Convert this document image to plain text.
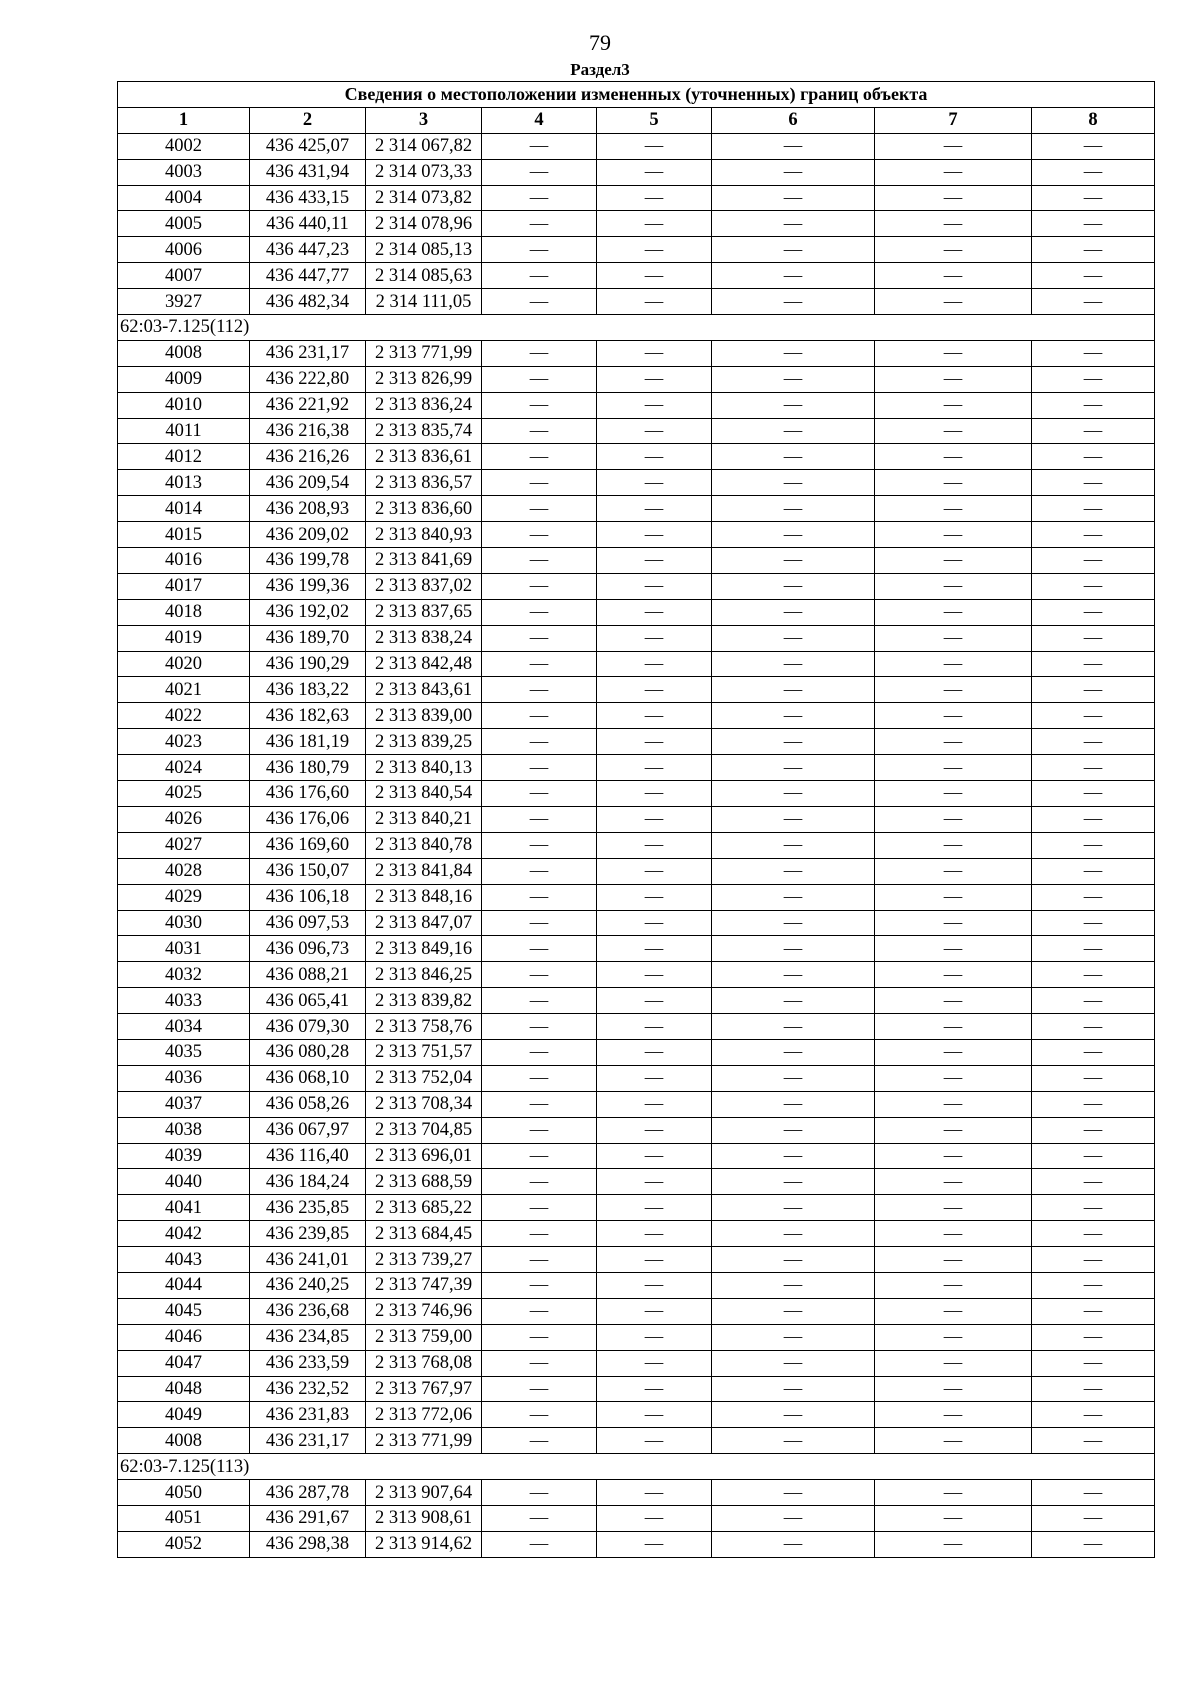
79
Раздел3
Сведения о местоположении измененных (уточненных) границ объекта							
1	2	3	4	5	6	7	8
4002	436 425,07	2 314 067,82	—	—	—	—	—
4003	436 431,94	2 314 073,33	—	—	—	—	—
4004	436 433,15	2 314 073,82	—	—	—	—	—
4005	436 440,11	2 314 078,96	—	—	—	—	—
4006	436 447,23	2 314 085,13	—	—	—	—	—
4007	436 447,77	2 314 085,63	—	—	—	—	—
3927	436 482,34	2 314 111,05	—	—	—	—	—
62:03-7.125(112)							
4008	436 231,17	2 313 771,99	—	—	—	—	—
4009	436 222,80	2 313 826,99	—	—	—	—	—
4010	436 221,92	2 313 836,24	—	—	—	—	—
4011	436 216,38	2 313 835,74	—	—	—	—	—
4012	436 216,26	2 313 836,61	—	—	—	—	—
4013	436 209,54	2 313 836,57	—	—	—	—	—
4014	436 208,93	2 313 836,60	—	—	—	—	—
4015	436 209,02	2 313 840,93	—	—	—	—	—
4016	436 199,78	2 313 841,69	—	—	—	—	—
4017	436 199,36	2 313 837,02	—	—	—	—	—
4018	436 192,02	2 313 837,65	—	—	—	—	—
4019	436 189,70	2 313 838,24	—	—	—	—	—
4020	436 190,29	2 313 842,48	—	—	—	—	—
4021	436 183,22	2 313 843,61	—	—	—	—	—
4022	436 182,63	2 313 839,00	—	—	—	—	—
4023	436 181,19	2 313 839,25	—	—	—	—	—
4024	436 180,79	2 313 840,13	—	—	—	—	—
4025	436 176,60	2 313 840,54	—	—	—	—	—
4026	436 176,06	2 313 840,21	—	—	—	—	—
4027	436 169,60	2 313 840,78	—	—	—	—	—
4028	436 150,07	2 313 841,84	—	—	—	—	—
4029	436 106,18	2 313 848,16	—	—	—	—	—
4030	436 097,53	2 313 847,07	—	—	—	—	—
4031	436 096,73	2 313 849,16	—	—	—	—	—
4032	436 088,21	2 313 846,25	—	—	—	—	—
4033	436 065,41	2 313 839,82	—	—	—	—	—
4034	436 079,30	2 313 758,76	—	—	—	—	—
4035	436 080,28	2 313 751,57	—	—	—	—	—
4036	436 068,10	2 313 752,04	—	—	—	—	—
4037	436 058,26	2 313 708,34	—	—	—	—	—
4038	436 067,97	2 313 704,85	—	—	—	—	—
4039	436 116,40	2 313 696,01	—	—	—	—	—
4040	436 184,24	2 313 688,59	—	—	—	—	—
4041	436 235,85	2 313 685,22	—	—	—	—	—
4042	436 239,85	2 313 684,45	—	—	—	—	—
4043	436 241,01	2 313 739,27	—	—	—	—	—
4044	436 240,25	2 313 747,39	—	—	—	—	—
4045	436 236,68	2 313 746,96	—	—	—	—	—
4046	436 234,85	2 313 759,00	—	—	—	—	—
4047	436 233,59	2 313 768,08	—	—	—	—	—
4048	436 232,52	2 313 767,97	—	—	—	—	—
4049	436 231,83	2 313 772,06	—	—	—	—	—
4008	436 231,17	2 313 771,99	—	—	—	—	—
62:03-7.125(113)							
4050	436 287,78	2 313 907,64	—	—	—	—	—
4051	436 291,67	2 313 908,61	—	—	—	—	—
4052	436 298,38	2 313 914,62	—	—	—	—	—
